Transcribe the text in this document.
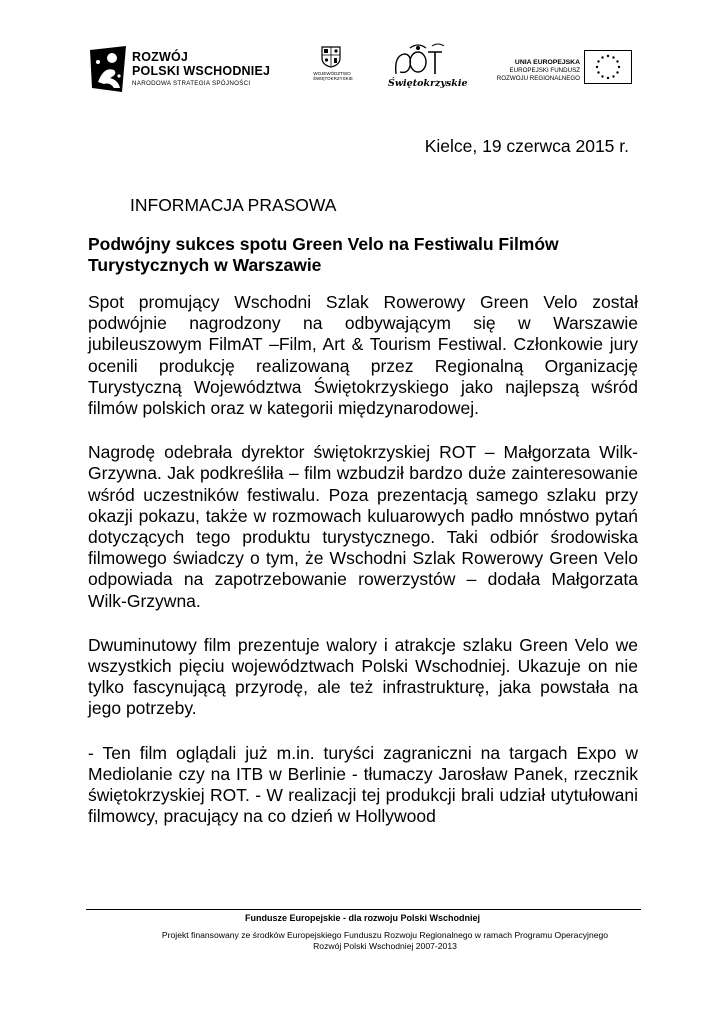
ROZWÓJ
POLSKI WSCHODNIEJ
NARODOWA STRATEGIA SPÓJNOŚCI
WOJEWÓDZTWO ŚWIĘTOKRZYSKIE	Świętokrzyskie
UNIA EUROPEJSKA
EUROPEJSKI FUNDUSZ
ROZWOJU REGIONALNEGO
Kielce, 19 czerwca 2015 r.
INFORMACJA PRASOWA
Podwójny sukces spotu Green Velo na Festiwalu Filmów Turystycznych w Warszawie

Spot promujący Wschodni Szlak Rowerowy Green Velo został podwójnie nagrodzony na odbywającym się w Warszawie jubileuszowym FilmAT –Film, Art & Tourism Festiwal. Członkowie jury ocenili produkcję realizowaną przez Regionalną Organizację Turystyczną Województwa Świętokrzyskiego jako najlepszą wśród filmów polskich oraz w kategorii międzynarodowej.

Nagrodę odebrała dyrektor świętokrzyskiej ROT – Małgorzata Wilk-Grzywna. Jak podkreśliła – film wzbudził bardzo duże zainteresowanie wśród uczestników festiwalu. Poza prezentacją samego szlaku przy okazji pokazu, także w rozmowach kuluarowych padło mnóstwo pytań dotyczących tego produktu turystycznego. Taki odbiór środowiska filmowego świadczy o tym, że Wschodni Szlak Rowerowy Green Velo odpowiada na zapotrzebowanie rowerzystów – dodała Małgorzata Wilk-Grzywna.

Dwuminutowy film prezentuje walory i atrakcje szlaku Green Velo we wszystkich pięciu województwach Polski Wschodniej. Ukazuje on nie tylko fascynującą przyrodę, ale też infrastrukturę, jaka powstała na jego potrzeby.

- Ten film oglądali już m.in. turyści zagraniczni na targach Expo w Mediolanie czy na ITB w Berlinie - tłumaczy Jarosław Panek, rzecznik świętokrzyskiej ROT. - W realizacji tej produkcji brali udział utytułowani filmowcy, pracujący na co dzień w Hollywood

Fundusze Europejskie - dla rozwoju Polski Wschodniej
Projekt finansowany ze środków Europejskiego Funduszu Rozwoju Regionalnego w ramach Programu Operacyjnego
Rozwój Polski Wschodniej 2007-2013
